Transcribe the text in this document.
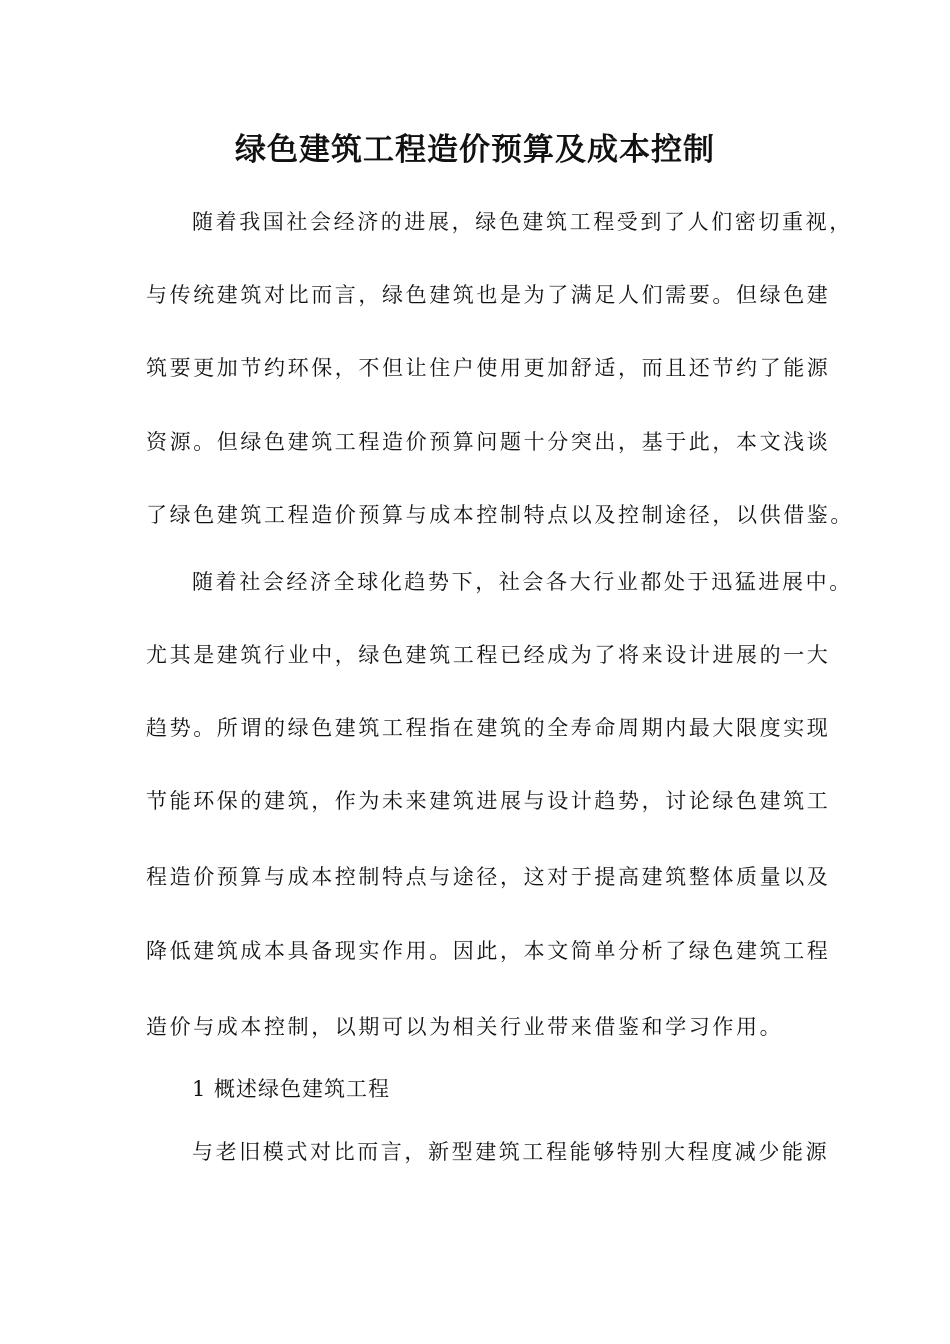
绿色建筑工程造价预算及成本控制
随着我国社会经济的进展，绿色建筑工程受到了人们密切重视，
与传统建筑对比而言，绿色建筑也是为了满足人们需要。但绿色建
筑要更加节约环保，不但让住户使用更加舒适，而且还节约了能源
资源。但绿色建筑工程造价预算问题十分突出，基于此，本文浅谈
了绿色建筑工程造价预算与成本控制特点以及控制途径，以供借鉴。
随着社会经济全球化趋势下，社会各大行业都处于迅猛进展中。
尤其是建筑行业中，绿色建筑工程已经成为了将来设计进展的一大
趋势。所谓的绿色建筑工程指在建筑的全寿命周期内最大限度实现
节能环保的建筑，作为未来建筑进展与设计趋势，讨论绿色建筑工
程造价预算与成本控制特点与途径，这对于提高建筑整体质量以及
降低建筑成本具备现实作用。因此，本文简单分析了绿色建筑工程
造价与成本控制，以期可以为相关行业带来借鉴和学习作用。
1 概述绿色建筑工程
与老旧模式对比而言，新型建筑工程能够特别大程度减少能源
